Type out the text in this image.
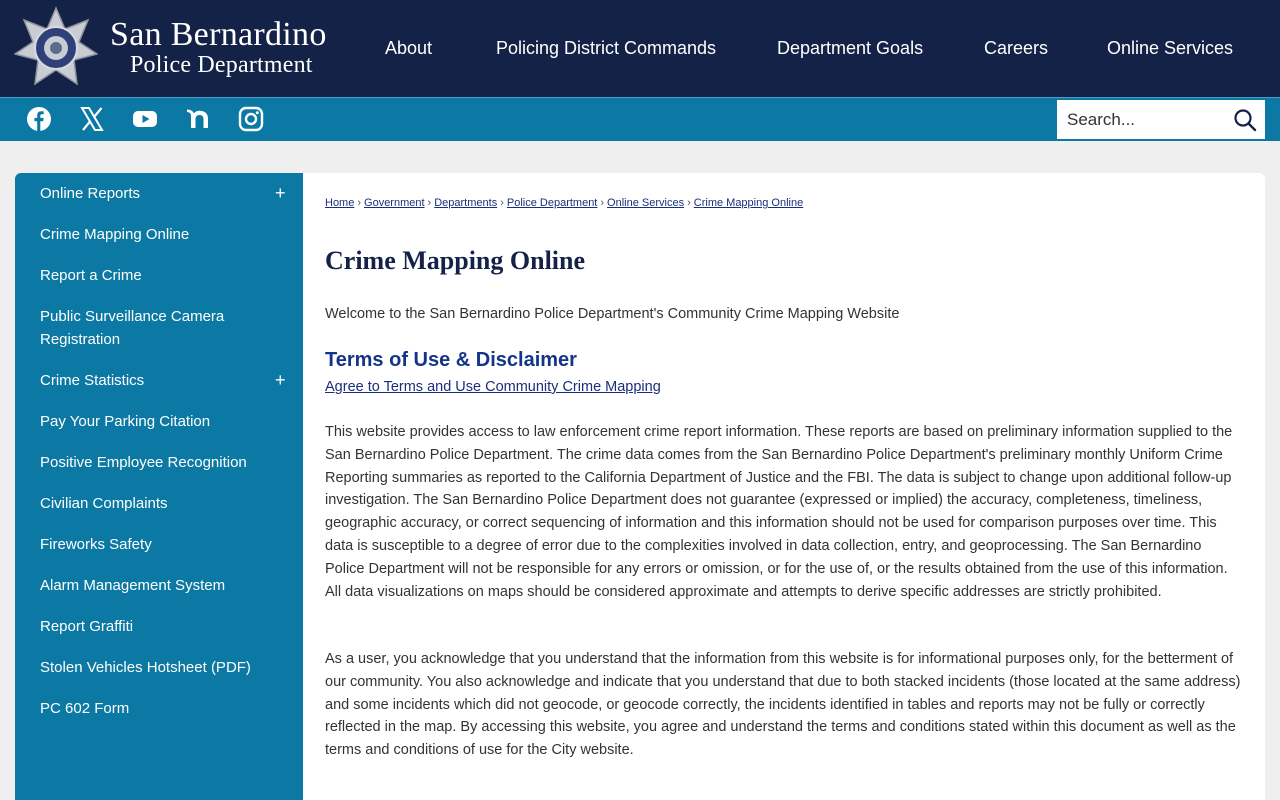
San Bernardino
Police Department
About	Policing District Commands	Department Goals	Careers	Online Services
Search...
Online Reports	+
Crime Mapping Online
Report a Crime
Public Surveillance Camera Registration
Crime Statistics	+
Pay Your Parking Citation
Positive Employee Recognition
Civilian Complaints
Fireworks Safety
Alarm Management System
Report Graffiti
Stolen Vehicles Hotsheet (PDF)
PC 602 Form
Home › Government › Departments › Police Department › Online Services › Crime Mapping Online
Crime Mapping Online

Welcome to the San Bernardino Police Department's Community Crime Mapping Website

Terms of Use & Disclaimer
Agree to Terms and Use Community Crime Mapping

This website provides access to law enforcement crime report information. These reports are based on preliminary information supplied to the San Bernardino Police Department. The crime data comes from the San Bernardino Police Department's preliminary monthly Uniform Crime Reporting summaries as reported to the California Department of Justice and the FBI. The data is subject to change upon additional follow-up investigation. The San Bernardino Police Department does not guarantee (expressed or implied) the accuracy, completeness, timeliness, geographic accuracy, or correct sequencing of information and this information should not be used for comparison purposes over time. This data is susceptible to a degree of error due to the complexities involved in data collection, entry, and geoprocessing. The San Bernardino Police Department will not be responsible for any errors or omission, or for the use of, or the results obtained from the use of this information. All data visualizations on maps should be considered approximate and attempts to derive specific addresses are strictly prohibited.

As a user, you acknowledge that you understand that the information from this website is for informational purposes only, for the betterment of our community. You also acknowledge and indicate that you understand that due to both stacked incidents (those located at the same address) and some incidents which did not geocode, or geocode correctly, the incidents identified in tables and reports may not be fully or correctly reflected in the map. By accessing this website, you agree and understand the terms and conditions stated within this document as well as the terms and conditions of use for the City website.
